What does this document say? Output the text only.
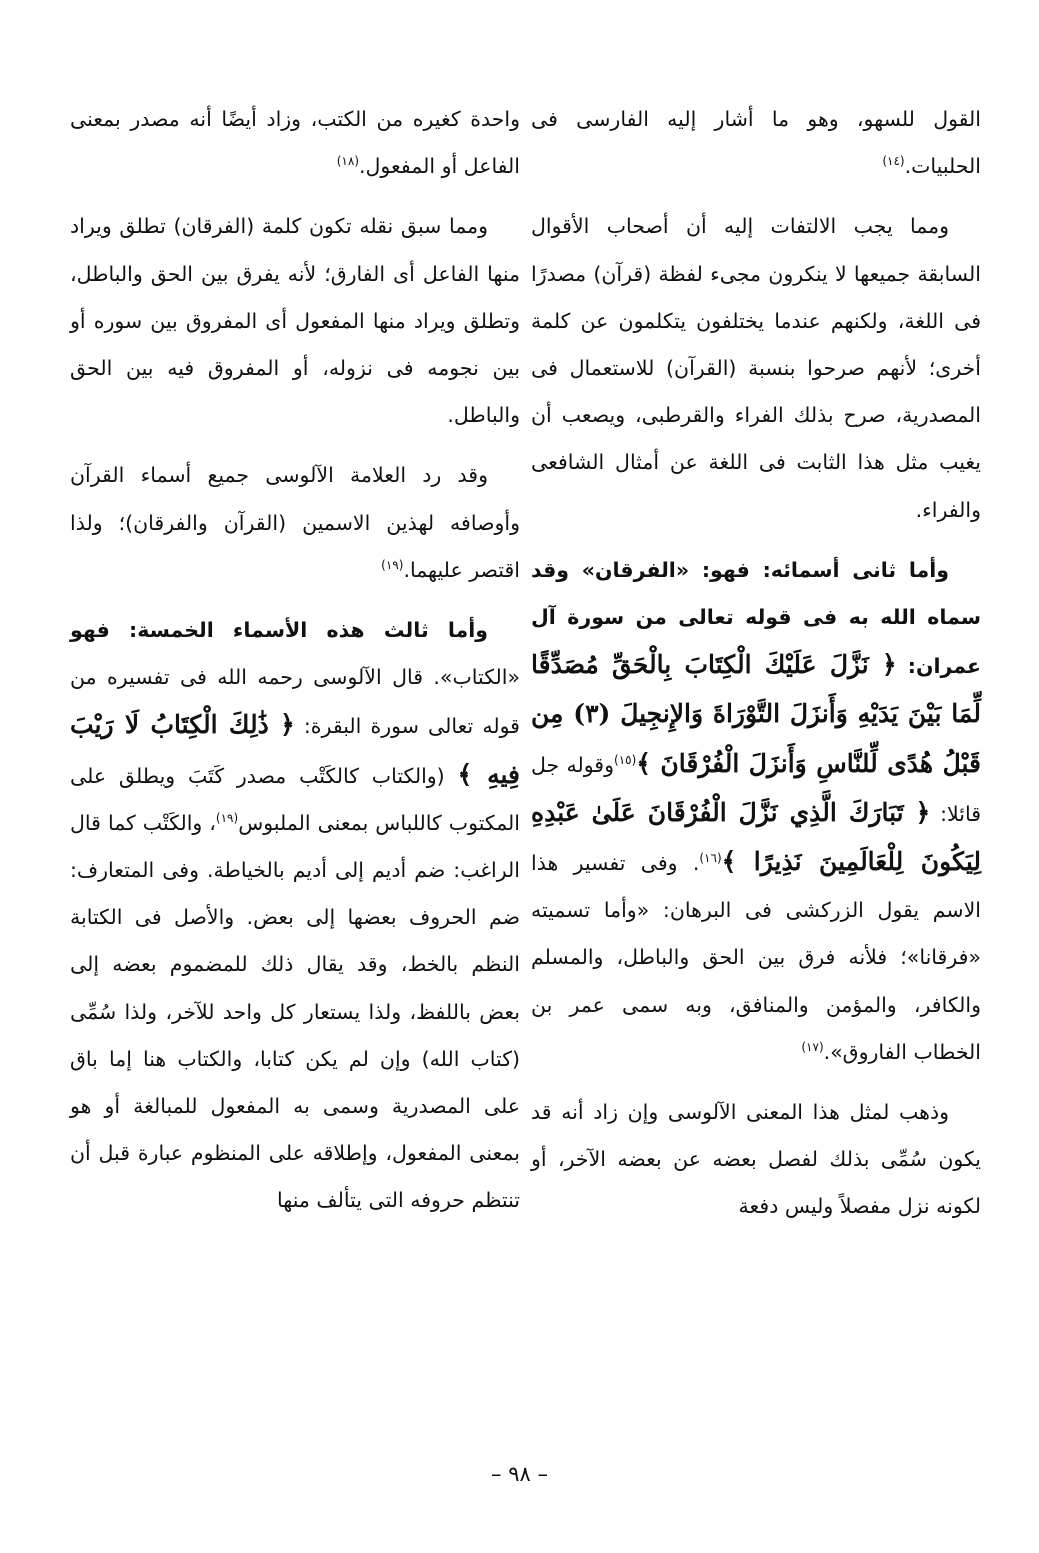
القول للسهو، وهو ما أشار إليه الفارسى فى الحلبيات.$^{(١٤)}$

ومما يجب الالتفات إليه أن أصحاب الأقوال السابقة جميعها لا ينكرون مجىء لفظة (قرآن) مصدرًا فى اللغة، ولكنهم عندما يختلفون يتكلمون عن كلمة أخرى؛ لأنهم صرحوا بنسبة (القرآن) للاستعمال فى المصدرية، صرح بذلك الفراء والقرطبى، ويصعب أن يغيب مثل هذا الثابت فى اللغة عن أمثال الشافعى والفراء.

وأما ثانى أسمائه: فهو: «الفرقان» وقد سماه الله به فى قوله تعالى من سورة آل عمران: ﴿ نَزَّلَ عَلَيْكَ الْكِتَابَ بِالْحَقِّ مُصَدِّقًا لِّمَا بَيْنَ يَدَيْهِ وَأَنزَلَ التَّوْرَاةَ وَالإِنجِيلَ (٣) مِن قَبْلُ هُدًى لِّلنَّاسِ وَأَنزَلَ الْفُرْقَانَ ﴾$^{(١٥)}$وقوله جل قائلا: ﴿ تَبَارَكَ الَّذِي نَزَّلَ الْفُرْقَانَ عَلَىٰ عَبْدِهِ لِيَكُونَ لِلْعَالَمِينَ نَذِيرًا ﴾$^{(١٦)}$. وفى تفسير هذا الاسم يقول الزركشى فى البرهان: «وأما تسميته «فرقانا»؛ فلأنه فرق بين الحق والباطل، والمسلم والكافر، والمؤمن والمنافق، وبه سمى عمر بن الخطاب الفاروق».$^{(١٧)}$

وذهب لمثل هذا المعنى الآلوسى وإن زاد أنه قد يكون سُمِّى بذلك لفصل بعضه عن بعضه الآخر، أو لكونه نزل مفصلاً وليس دفعة

واحدة كغيره من الكتب، وزاد أيضًا أنه مصدر بمعنى الفاعل أو المفعول.$^{(١٨)}$

ومما سبق نقله تكون كلمة (الفرقان) تطلق ويراد منها الفاعل أى الفارق؛ لأنه يفرق بين الحق والباطل، وتطلق ويراد منها المفعول أى المفروق بين سوره أو بين نجومه فى نزوله، أو المفروق فيه بين الحق والباطل.

وقد رد العلامة الآلوسى جميع أسماء القرآن وأوصافه لهذين الاسمين (القرآن والفرقان)؛ ولذا اقتصر عليهما.$^{(١٩)}$

وأما ثالث هذه الأسماء الخمسة: فهو «الكتاب». قال الآلوسى رحمه الله فى تفسيره من قوله تعالى سورة البقرة: ﴿ ذَٰلِكَ الْكِتَابُ لَا رَيْبَ فِيهِ ﴾ (والكتاب كالكَتْب مصدر كَتَبَ ويطلق على المكتوب كاللباس بمعنى الملبوس$^{(١٩)}$، والكَتْب كما قال الراغب: ضم أديم إلى أديم بالخياطة. وفى المتعارف: ضم الحروف بعضها إلى بعض. والأصل فى الكتابة النظم بالخط، وقد يقال ذلك للمضموم بعضه إلى بعض باللفظ، ولذا يستعار كل واحد للآخر، ولذا سُمِّى (كتاب الله) وإن لم يكن كتابا، والكتاب هنا إما باق على المصدرية وسمى به المفعول للمبالغة أو هو بمعنى المفعول، وإطلاقه على المنظوم عبارة قبل أن تنتظم حروفه التى يتألف منها

– ٩٨ –
